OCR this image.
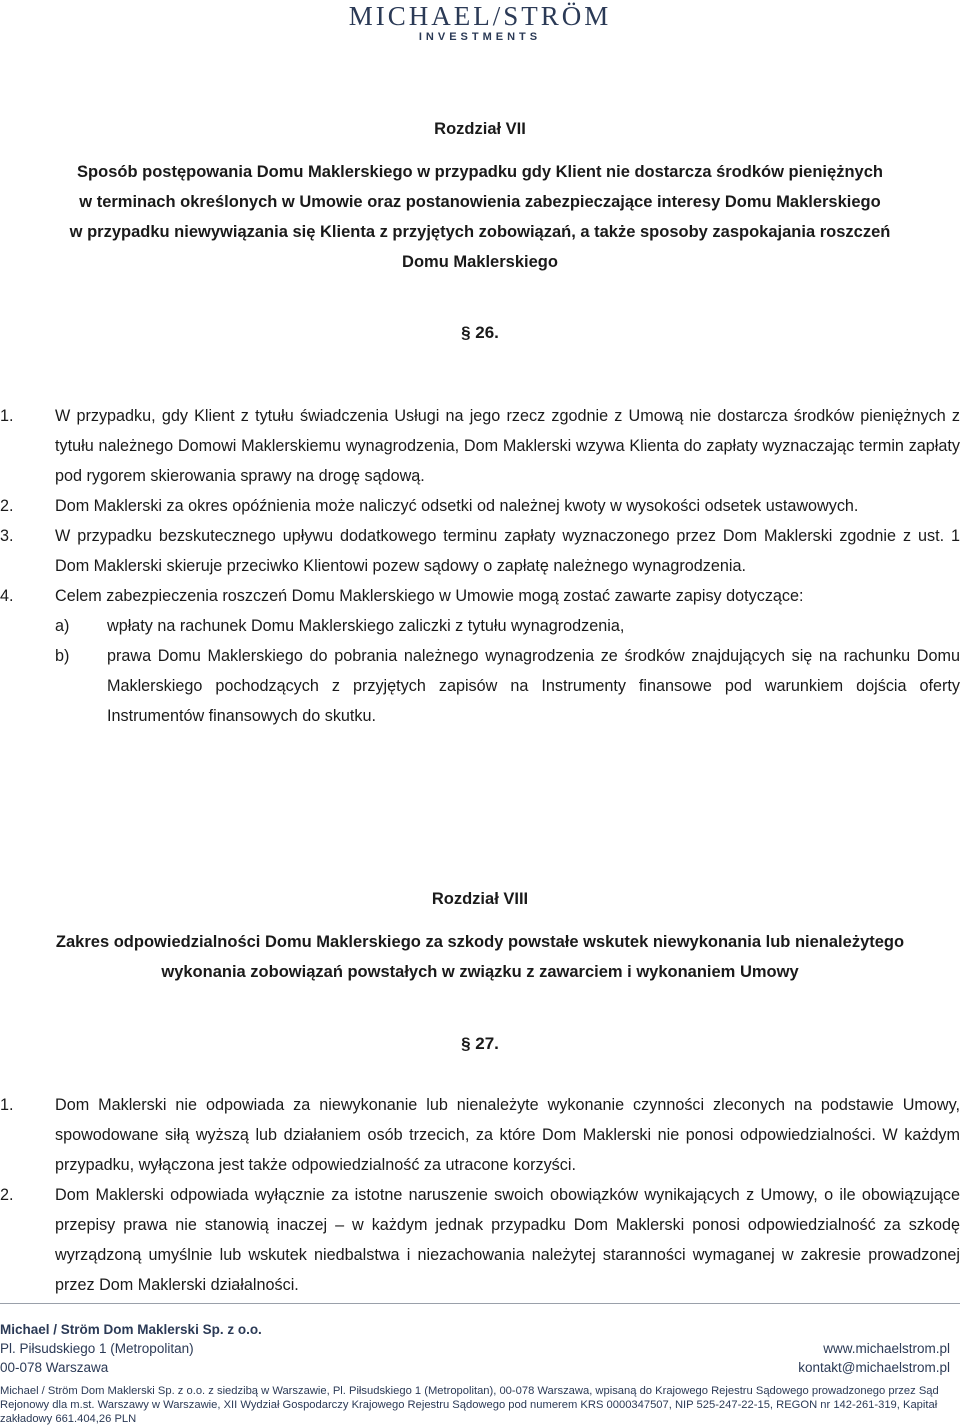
MICHAEL/STRÖM
INVESTMENTS
Rozdział VII
Sposób postępowania Domu Maklerskiego w przypadku gdy Klient nie dostarcza środków pieniężnych
w terminach określonych w Umowie oraz postanowienia zabezpieczające interesy Domu Maklerskiego
w przypadku niewywiązania się Klienta z przyjętych zobowiązań, a także sposoby zaspokajania roszczeń
Domu Maklerskiego
§ 26.
1.	W przypadku, gdy Klient z tytułu świadczenia Usługi na jego rzecz zgodnie z Umową nie dostarcza środków pieniężnych z tytułu należnego Domowi Maklerskiemu wynagrodzenia, Dom Maklerski wzywa Klienta do zapłaty wyznaczając termin zapłaty pod rygorem skierowania sprawy na drogę sądową.
2.	Dom Maklerski za okres opóźnienia może naliczyć odsetki od należnej kwoty w wysokości odsetek ustawowych.
3.	W przypadku bezskutecznego upływu dodatkowego terminu zapłaty wyznaczonego przez Dom Maklerski zgodnie z ust. 1 Dom Maklerski skieruje przeciwko Klientowi pozew sądowy o zapłatę należnego wynagrodzenia.
4.	Celem zabezpieczenia roszczeń Domu Maklerskiego w Umowie mogą zostać zawarte zapisy dotyczące:
a) wpłaty na rachunek Domu Maklerskiego zaliczki z tytułu wynagrodzenia,
b) prawa Domu Maklerskiego do pobrania należnego wynagrodzenia ze środków znajdujących się na rachunku Domu Maklerskiego pochodzących z przyjętych zapisów na Instrumenty finansowe pod warunkiem dojścia oferty Instrumentów finansowych do skutku.
Rozdział VIII
Zakres odpowiedzialności Domu Maklerskiego za szkody powstałe wskutek niewykonania lub nienależytego
wykonania zobowiązań powstałych w związku z zawarciem i wykonaniem Umowy
§ 27.
1.	Dom Maklerski nie odpowiada za niewykonanie lub nienależyte wykonanie czynności zleconych na podstawie Umowy, spowodowane siłą wyższą lub działaniem osób trzecich, za które Dom Maklerski nie ponosi odpowiedzialności. W każdym przypadku, wyłączona jest także odpowiedzialność za utracone korzyści.
2.	Dom Maklerski odpowiada wyłącznie za istotne naruszenie swoich obowiązków wynikających z Umowy, o ile obowiązujące przepisy prawa nie stanowią inaczej – w każdym jednak przypadku Dom Maklerski ponosi odpowiedzialność za szkodę wyrządzoną umyślnie lub wskutek niedbalstwa i niezachowania należytej staranności wymaganej w zakresie prowadzonej przez Dom Maklerski działalności.
Michael / Ström Dom Maklerski Sp. z o.o.
Pl. Piłsudskiego 1 (Metropolitan)
00-078 Warszawa
www.michaelstrom.pl
kontakt@michaelstrom.pl
Michael / Ström Dom Maklerski Sp. z o.o. z siedzibą w Warszawie, Pl. Piłsudskiego 1 (Metropolitan), 00-078 Warszawa, wpisaną do Krajowego Rejestru Sądowego prowadzonego przez Sąd Rejonowy dla m.st. Warszawy w Warszawie, XII Wydział Gospodarczy Krajowego Rejestru Sądowego pod numerem KRS 0000347507, NIP 525-247-22-15, REGON nr 142-261-319, Kapitał zakładowy 661.404,26 PLN
